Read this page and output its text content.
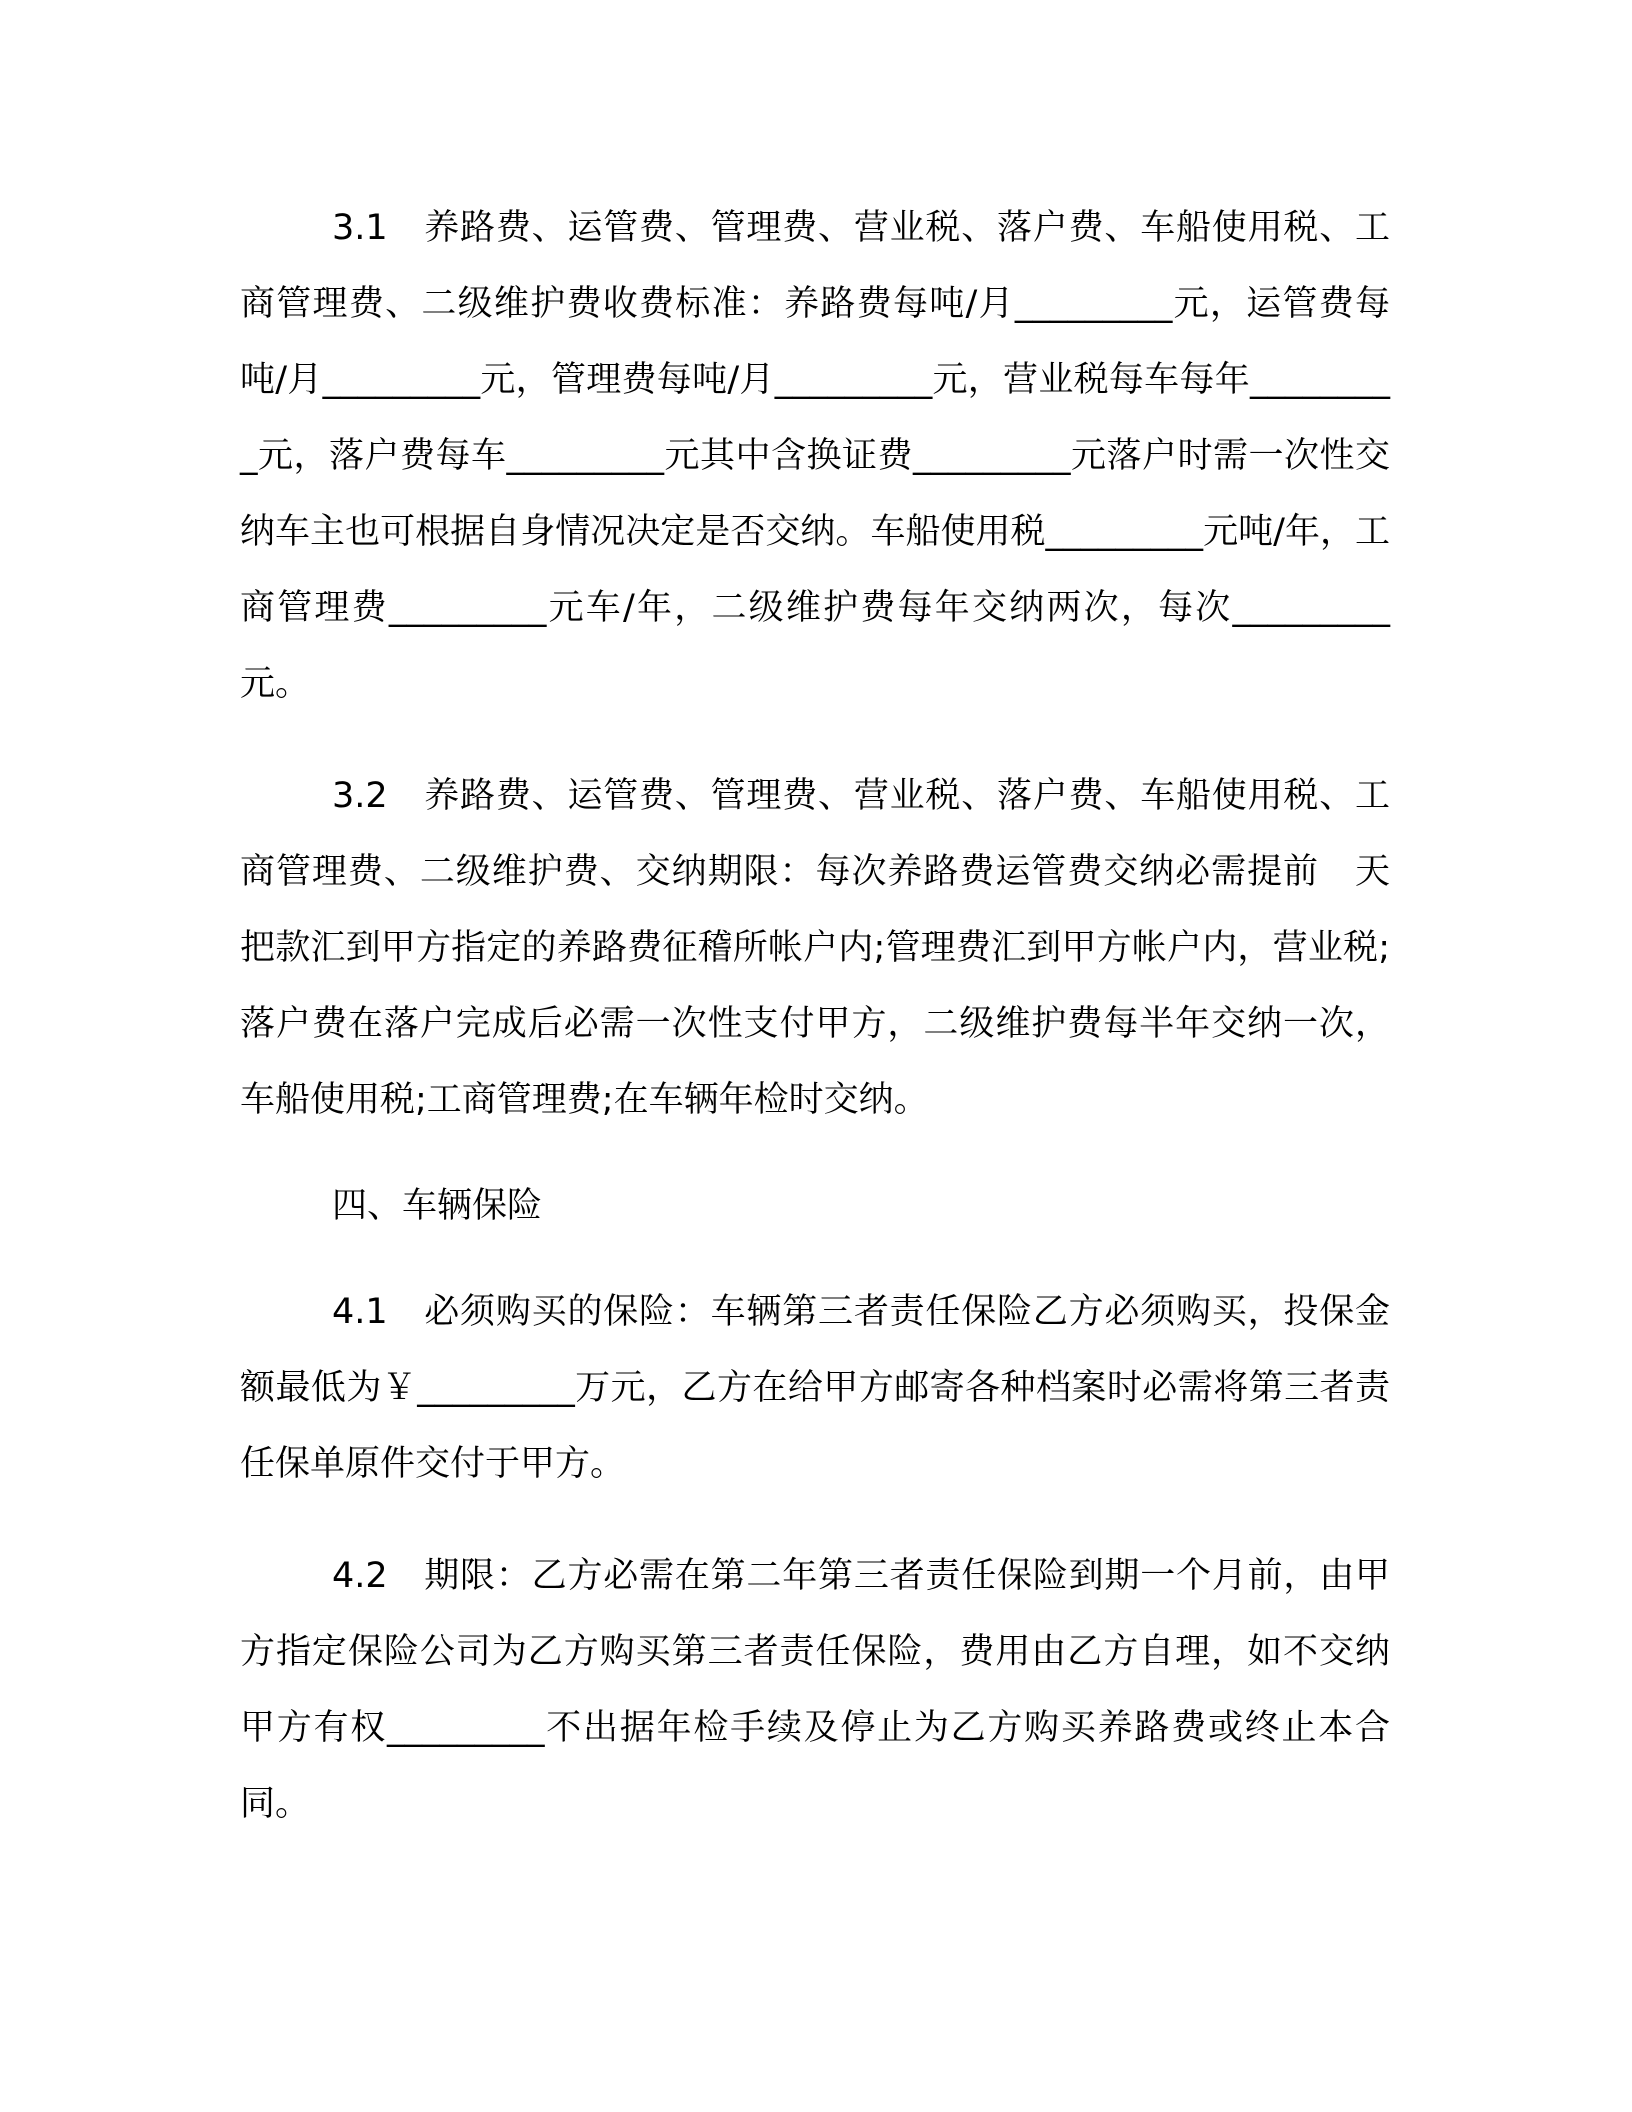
3.1　养路费、运管费、管理费、营业税、落户费、车船使用税、工商管理费、二级维护费收费标准：养路费每吨/月_________元，运管费每吨/月_________元，管理费每吨/月_________元，营业税每车每年_________元，落户费每车_________元其中含换证费_________元落户时需一次性交纳车主也可根据自身情况决定是否交纳。车船使用税_________元吨/年，工商管理费_________元车/年，二级维护费每年交纳两次，每次_________元。

3.2　养路费、运管费、管理费、营业税、落户费、车船使用税、工商管理费、二级维护费、交纳期限：每次养路费运管费交纳必需提前　天把款汇到甲方指定的养路费征稽所帐户内;管理费汇到甲方帐户内，营业税;落户费在落户完成后必需一次性支付甲方，二级维护费每半年交纳一次，车船使用税;工商管理费;在车辆年检时交纳。

四、车辆保险

4.1　必须购买的保险：车辆第三者责任保险乙方必须购买，投保金额最低为￥_________万元，乙方在给甲方邮寄各种档案时必需将第三者责任保单原件交付于甲方。

4.2　期限：乙方必需在第二年第三者责任保险到期一个月前，由甲方指定保险公司为乙方购买第三者责任保险，费用由乙方自理，如不交纳甲方有权_________不出据年检手续及停止为乙方购买养路费或终止本合同。
